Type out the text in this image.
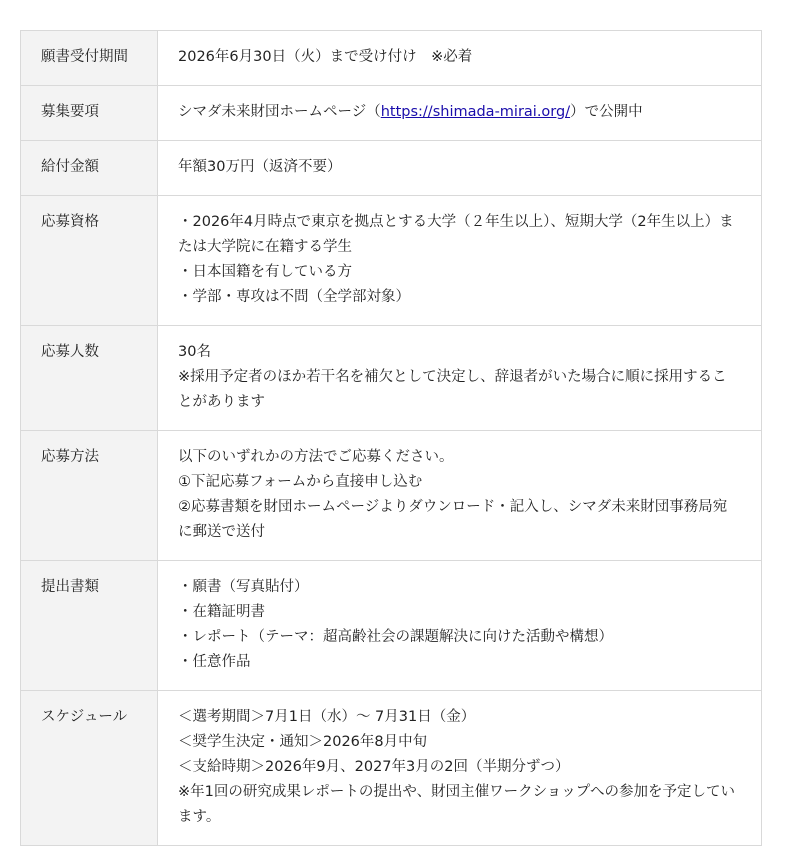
願書受付期間	2026年6月30日（火）まで受け付け　※必着

募集要項	シマダ未来財団ホームページ（https://shimada-mirai.org/）で公開中
給付金額	年額30万円（返済不要）

応募資格	・2026年4月時点で東京を拠点とする大学（２年生以上）、短期大学（2年生以上）または大学院に在籍する学生
・日本国籍を有している方
・学部・専攻は不問（全学部対象）

応募人数	30名
※採用予定者のほか若干名を補欠として決定し、辞退者がいた場合に順に採用することがあります

応募方法	以下のいずれかの方法でご応募ください。
①下記応募フォームから直接申し込む
②応募書類を財団ホームページよりダウンロード・記入し、シマダ未来財団事務局宛に郵送で送付

提出書類	・願書（写真貼付）
・在籍証明書
・レポート（テーマ：超高齢社会の課題解決に向けた活動や構想）
・任意作品

スケジュール	＜選考期間＞7月1日（水）～ 7月31日（金）
＜奨学生決定・通知＞2026年8月中旬
＜支給時期＞2026年9月、2027年3月の2回（半期分ずつ）
※年1回の研究成果レポートの提出や、財団主催ワークショップへの参加を予定しています。
